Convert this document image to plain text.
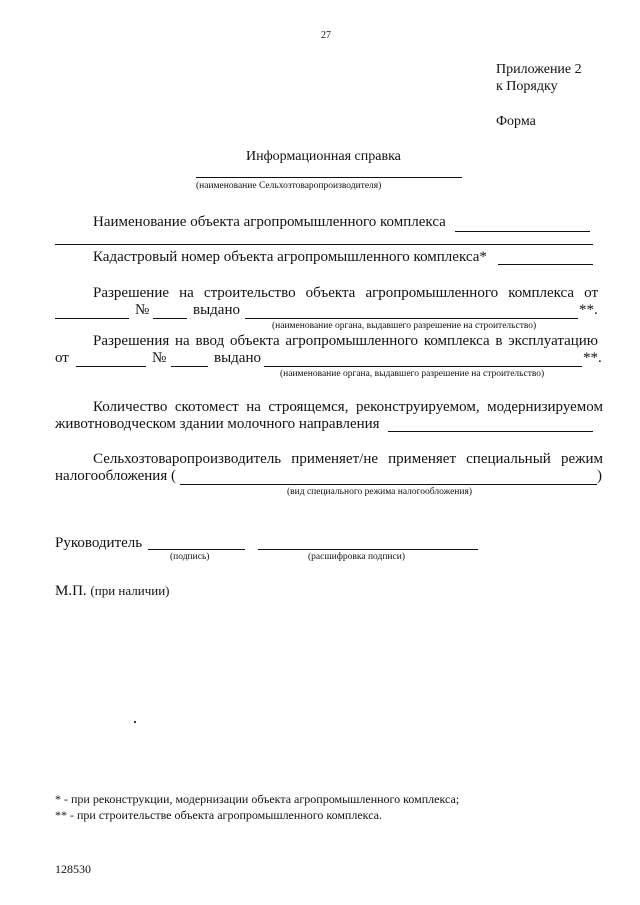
27
Приложение 2
к Порядку
Форма
Информационная справка
(наименование Сельхозтоваропроизводителя)
Наименование объекта агропромышленного комплекса
Кадастровый номер объекта агропромышленного комплекса*
Разрешение на строительство объекта агропромышленного комплекса от
№	выдано	**.
(наименование органа, выдавшего разрешение на строительство)
Разрешения на ввод объекта агропромышленного комплекса в эксплуатацию
от	№	выдано	**.
(наименование органа, выдавшего разрешение на строительство)
Количество скотомест на строящемся, реконструируемом, модернизируемом
животноводческом здании молочного направления
Сельхозтоваропроизводитель применяет/не применяет специальный режим
налогообложения (	)
(вид специального режима налогообложения)
Руководитель
(подпись)	(расшифровка подписи)
М.П. (при наличии)
* - при реконструкции, модернизации объекта агропромышленного комплекса;
** - при строительстве объекта агропромышленного комплекса.
128530
